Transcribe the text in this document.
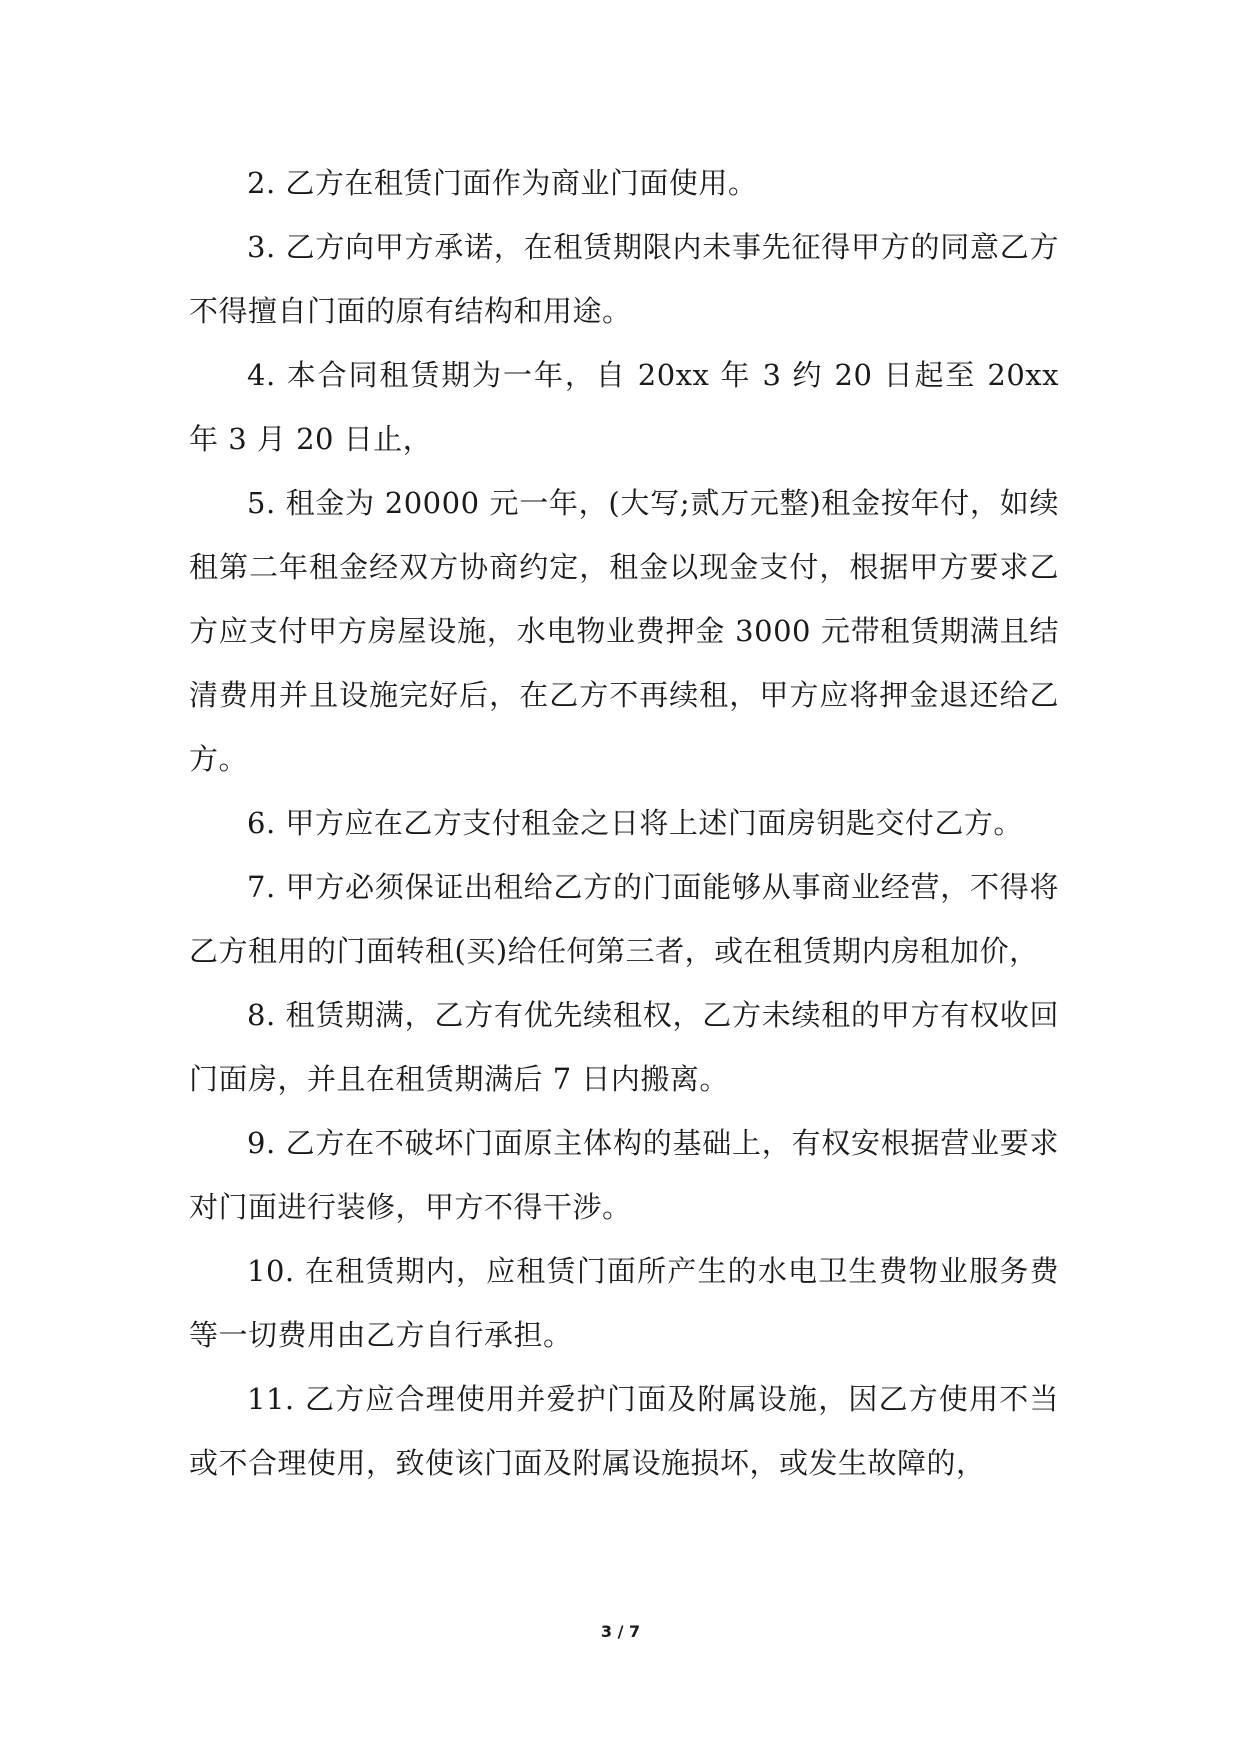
2. 乙方在租赁门面作为商业门面使用。

3. 乙方向甲方承诺，在租赁期限内未事先征得甲方的同意乙方不得擅自门面的原有结构和用途。

4. 本合同租赁期为一年，自 20xx 年 3 约 20 日起至 20xx 年 3 月 20 日止，

5. 租金为 20000 元一年，(大写;贰万元整)租金按年付，如续租第二年租金经双方协商约定，租金以现金支付，根据甲方要求乙方应支付甲方房屋设施，水电物业费押金 3000 元带租赁期满且结清费用并且设施完好后，在乙方不再续租，甲方应将押金退还给乙方。

6. 甲方应在乙方支付租金之日将上述门面房钥匙交付乙方。

7. 甲方必须保证出租给乙方的门面能够从事商业经营，不得将乙方租用的门面转租(买)给任何第三者，或在租赁期内房租加价，

8. 租赁期满，乙方有优先续租权，乙方未续租的甲方有权收回门面房，并且在租赁期满后 7 日内搬离。

9. 乙方在不破坏门面原主体构的基础上，有权安根据营业要求对门面进行装修，甲方不得干涉。

10. 在租赁期内，应租赁门面所产生的水电卫生费物业服务费等一切费用由乙方自行承担。

11. 乙方应合理使用并爱护门面及附属设施，因乙方使用不当或不合理使用，致使该门面及附属设施损坏，或发生故障的，

3 / 7
